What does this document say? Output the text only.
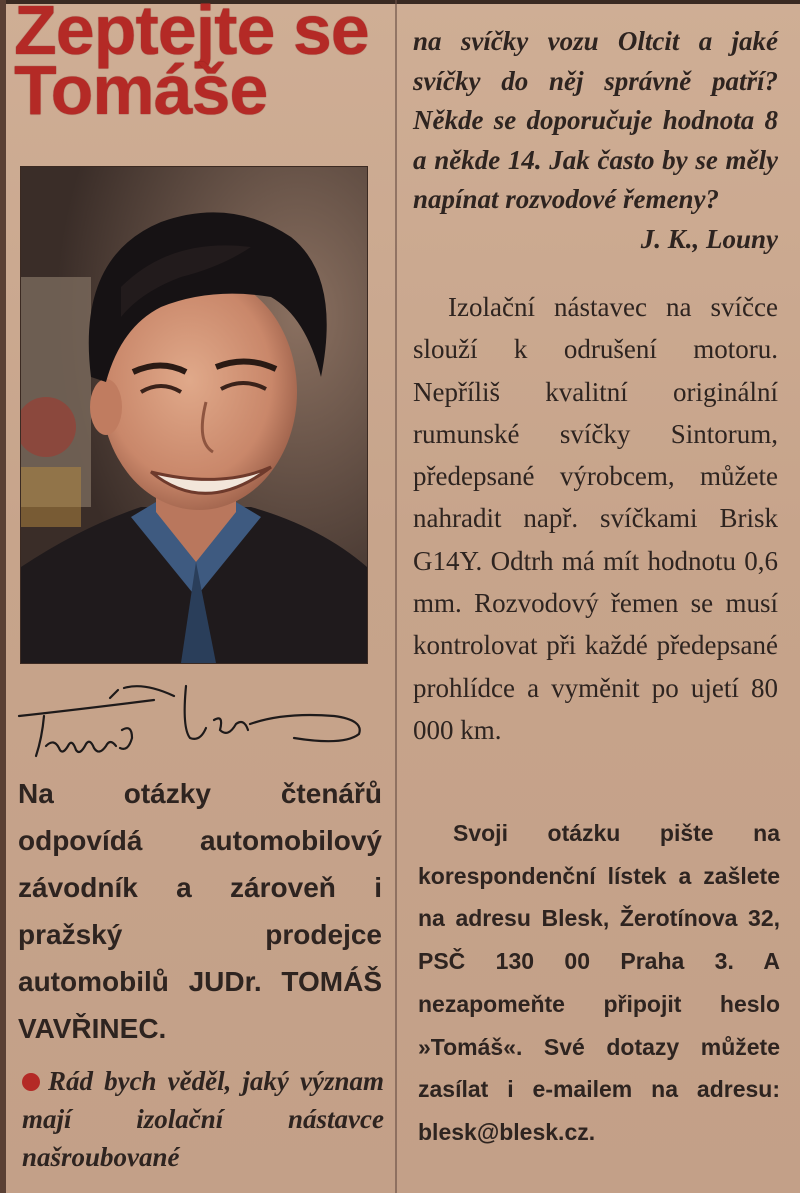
Zeptejte se
Tomáše
Na otázky čtenářů odpovídá automobilový závodník a zároveň i pražský prodejce automobilů JUDr. TOMÁŠ VAVŘINEC.
Rád bych věděl, jaký význam mají izolační nástavce našroubované
na svíčky vozu Oltcit a jaké svíčky do něj správně patří? Někde se doporučuje hodnota 8 a někde 14. Jak často by se měly napínat rozvodové řemeny?
J. K., Louny
Izolační nástavec na svíčce slouží k odrušení motoru. Nepříliš kvalitní originální rumunské svíčky Sintorum, předepsané výrobcem, můžete nahradit např. svíčkami Brisk G14Y. Odtrh má mít hodnotu 0,6 mm. Rozvodový řemen se musí kontrolovat při každé předepsané prohlídce a vyměnit po ujetí 80 000 km.
Svoji otázku pište na korespondenční lístek a zašlete na adresu Blesk, Žerotínova 32, PSČ 130 00 Praha 3. A nezapomeňte připojit heslo »Tomáš«. Své dotazy můžete zasílat i e-mailem na adresu: blesk@blesk.cz.
